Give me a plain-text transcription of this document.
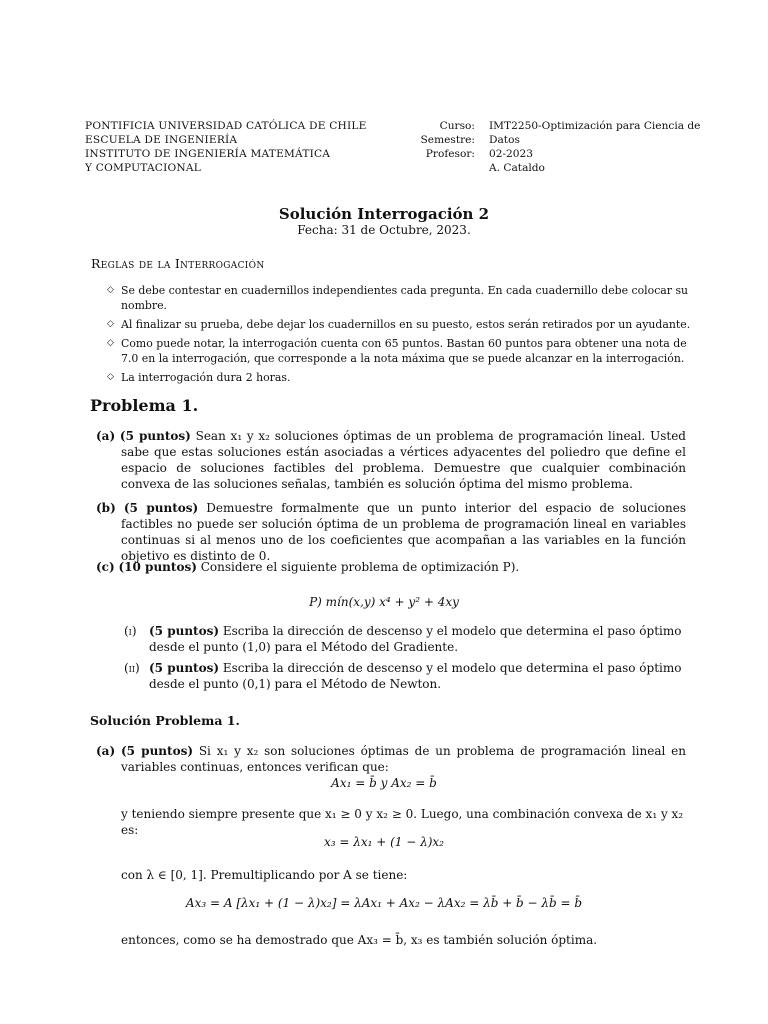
PONTIFICIA UNIVERSIDAD CATÓLICA DE CHILE
ESCUELA DE INGENIERÍA
INSTITUTO DE INGENIERÍA MATEMÁTICA
Y COMPUTACIONAL
Curso:
Semestre:
Profesor:
IMT2250-Optimización para Ciencia de Datos
02-2023
A. Cataldo
Solución Interrogación 2
Fecha: 31 de Octubre, 2023.
Reglas de la Interrogación
◇ Se debe contestar en cuadernillos independientes cada pregunta. En cada cuadernillo debe colocar su nombre.
◇ Al finalizar su prueba, debe dejar los cuadernillos en su puesto, estos serán retirados por un ayudante.
◇ Como puede notar, la interrogación cuenta con 65 puntos. Bastan 60 puntos para obtener una nota de 7.0 en la interrogación, que corresponde a la nota máxima que se puede alcanzar en la interrogación.
◇ La interrogación dura 2 horas.
Problema 1.
(a) (5 puntos) Sean x₁ y x₂ soluciones óptimas de un problema de programación lineal. Usted sabe que estas soluciones están asociadas a vértices adyacentes del poliedro que define el espacio de soluciones factibles del problema. Demuestre que cualquier combinación convexa de las soluciones señalas, también es solución óptima del mismo problema.
(b) (5 puntos) Demuestre formalmente que un punto interior del espacio de soluciones factibles no puede ser solución óptima de un problema de programación lineal en variables continuas si al menos uno de los coeficientes que acompañan a las variables en la función objetivo es distinto de 0.
(c) (10 puntos) Considere el siguiente problema de optimización P).
P) mín(x,y) x⁴ + y² + 4xy
(i)	(5 puntos) Escriba la dirección de descenso y el modelo que determina el paso óptimo desde el punto (1,0) para el Método del Gradiente.
(ii) (5 puntos) Escriba la dirección de descenso y el modelo que determina el paso óptimo desde el punto (0,1) para el Método de Newton.
Solución Problema 1.
(a) (5 puntos) Si x₁ y x₂ son soluciones óptimas de un problema de programación lineal en variables continuas, entonces verifican que:
Ax₁ = b̄ y Ax₂ = b̄
y teniendo siempre presente que x₁ ≥ 0 y x₂ ≥ 0. Luego, una combinación convexa de x₁ y x₂ es:
x₃ = λx₁ + (1 − λ)x₂
con λ ∈ [0, 1]. Premultiplicando por A se tiene:
Ax₃ = A [λx₁ + (1 − λ)x₂] = λAx₁ + Ax₂ − λAx₂ = λb̄ + b̄ − λb̄ = b̄
entonces, como se ha demostrado que Ax₃ = b̄, x₃ es también solución óptima.
